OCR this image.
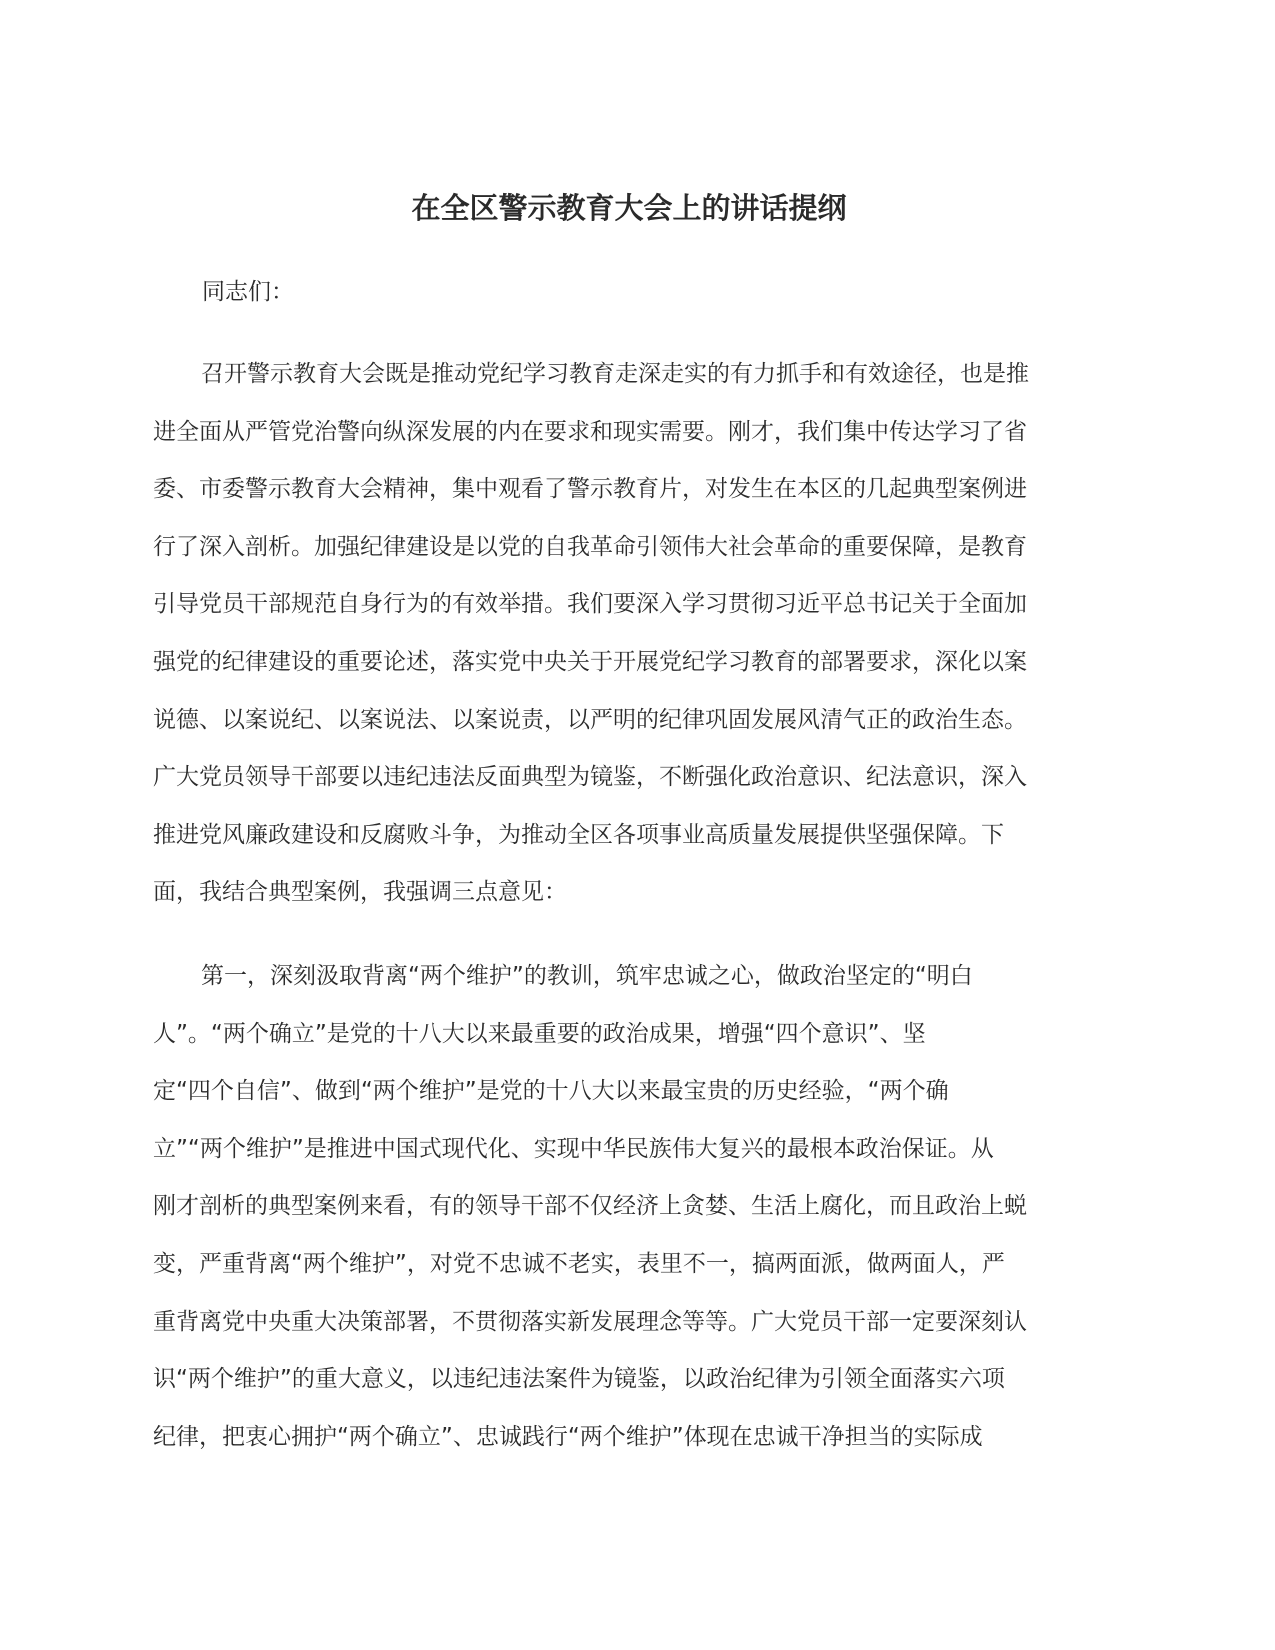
在全区警示教育大会上的讲话提纲

同志们：

召开警示教育大会既是推动党纪学习教育走深走实的有力抓手和有效途径，也是推
进全面从严管党治警向纵深发展的内在要求和现实需要。刚才，我们集中传达学习了省
委、市委警示教育大会精神，集中观看了警示教育片，对发生在本区的几起典型案例进
行了深入剖析。加强纪律建设是以党的自我革命引领伟大社会革命的重要保障，是教育
引导党员干部规范自身行为的有效举措。我们要深入学习贯彻习近平总书记关于全面加
强党的纪律建设的重要论述，落实党中央关于开展党纪学习教育的部署要求，深化以案
说德、以案说纪、以案说法、以案说责，以严明的纪律巩固发展风清气正的政治生态。
广大党员领导干部要以违纪违法反面典型为镜鉴，不断强化政治意识、纪法意识，深入
推进党风廉政建设和反腐败斗争，为推动全区各项事业高质量发展提供坚强保障。下
面，我结合典型案例，我强调三点意见：

第一，深刻汲取背离“两个维护”的教训，筑牢忠诚之心，做政治坚定的“明白
人”。“两个确立”是党的十八大以来最重要的政治成果，增强“四个意识”、坚
定“四个自信”、做到“两个维护”是党的十八大以来最宝贵的历史经验，“两个确
立”“两个维护”是推进中国式现代化、实现中华民族伟大复兴的最根本政治保证。从
刚才剖析的典型案例来看，有的领导干部不仅经济上贪婪、生活上腐化，而且政治上蜕
变，严重背离“两个维护”，对党不忠诚不老实，表里不一，搞两面派，做两面人，严
重背离党中央重大决策部署，不贯彻落实新发展理念等等。广大党员干部一定要深刻认
识“两个维护”的重大意义，以违纪违法案件为镜鉴，以政治纪律为引领全面落实六项
纪律，把衷心拥护“两个确立”、忠诚践行“两个维护”体现在忠诚干净担当的实际成
